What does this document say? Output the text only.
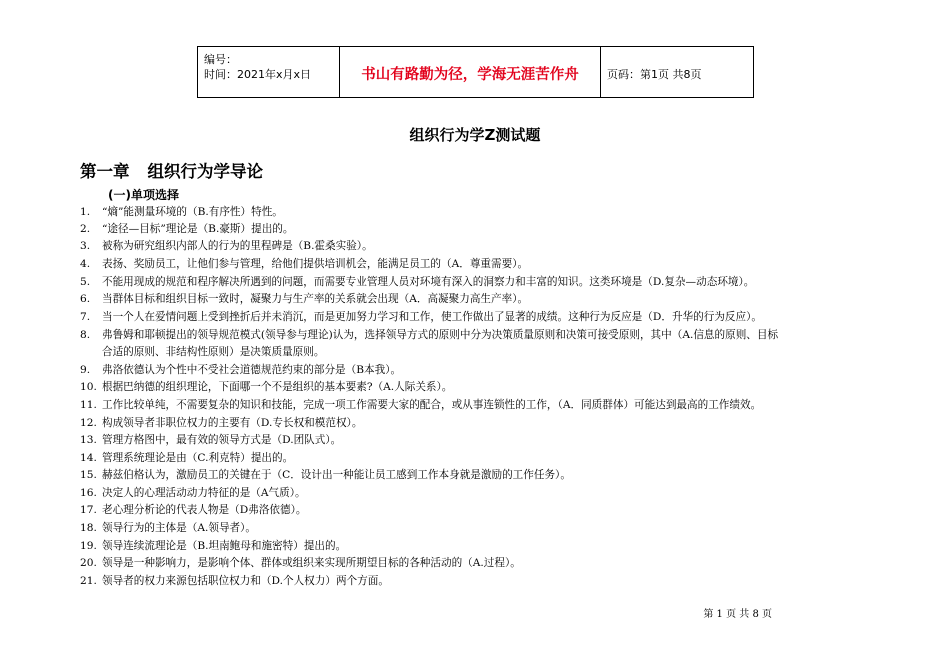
编号：
时间：2021年x月x日	书山有路勤为径，学海无涯苦作舟	页码：第1页 共8页
组织行为学Z测试题
第一章 组织行为学导论
(一)单项选择
1. “熵”能测量环境的（B.有序性）特性。
2. “途径—目标”理论是（B.豪斯）提出的。
3. 被称为研究组织内部人的行为的里程碑是（B.霍桑实验）。
4. 表扬、奖励员工，让他们参与管理，给他们提供培训机会，能满足员工的（A．尊重需要）。
5. 不能用现成的规范和程序解决所遇到的问题，而需要专业管理人员对环境有深入的洞察力和丰富的知识。这类环境是（D.复杂—动态环境）。
6. 当群体目标和组织目标一致时，凝聚力与生产率的关系就会出现（A．高凝聚力高生产率）。
7. 当一个人在爱情问题上受到挫折后并未消沉，而是更加努力学习和工作，使工作做出了显著的成绩。这种行为反应是（D．升华的行为反应）。
8. 弗鲁姆和耶顿提出的领导规范模式(领导参与理论)认为，选择领导方式的原则中分为决策质量原则和决策可接受原则，其中（A.信息的原则、目标
合适的原则、非结构性原则）是决策质量原则。
9. 弗洛依德认为个性中不受社会道德规范约束的部分是（B本我）。
10. 根据巴纳德的组织理论，下面哪一个不是组织的基本要素?（A.人际关系）。
11. 工作比较单纯，不需要复杂的知识和技能，完成一项工作需要大家的配合，或从事连锁性的工作，（A．同质群体）可能达到最高的工作绩效。
12. 构成领导者非职位权力的主要有（D.专长权和模范权）。
13. 管理方格图中，最有效的领导方式是（D.团队式）。
14. 管理系统理论是由（C.利克特）提出的。
15. 赫兹伯格认为，激励员工的关键在于（C．设计出一种能让员工感到工作本身就是激励的工作任务）。
16. 决定人的心理活动动力特征的是（A气质）。
17. 老心理分析论的代表人物是（D弗洛依德）。
18. 领导行为的主体是（A.领导者）。
19. 领导连续流理论是（B.坦南鲍母和施密特）提出的。
20. 领导是一种影响力，是影响个体、群体或组织来实现所期望目标的各种活动的（A.过程）。
21. 领导者的权力来源包括职位权力和（D.个人权力）两个方面。
第 1 页 共 8 页
